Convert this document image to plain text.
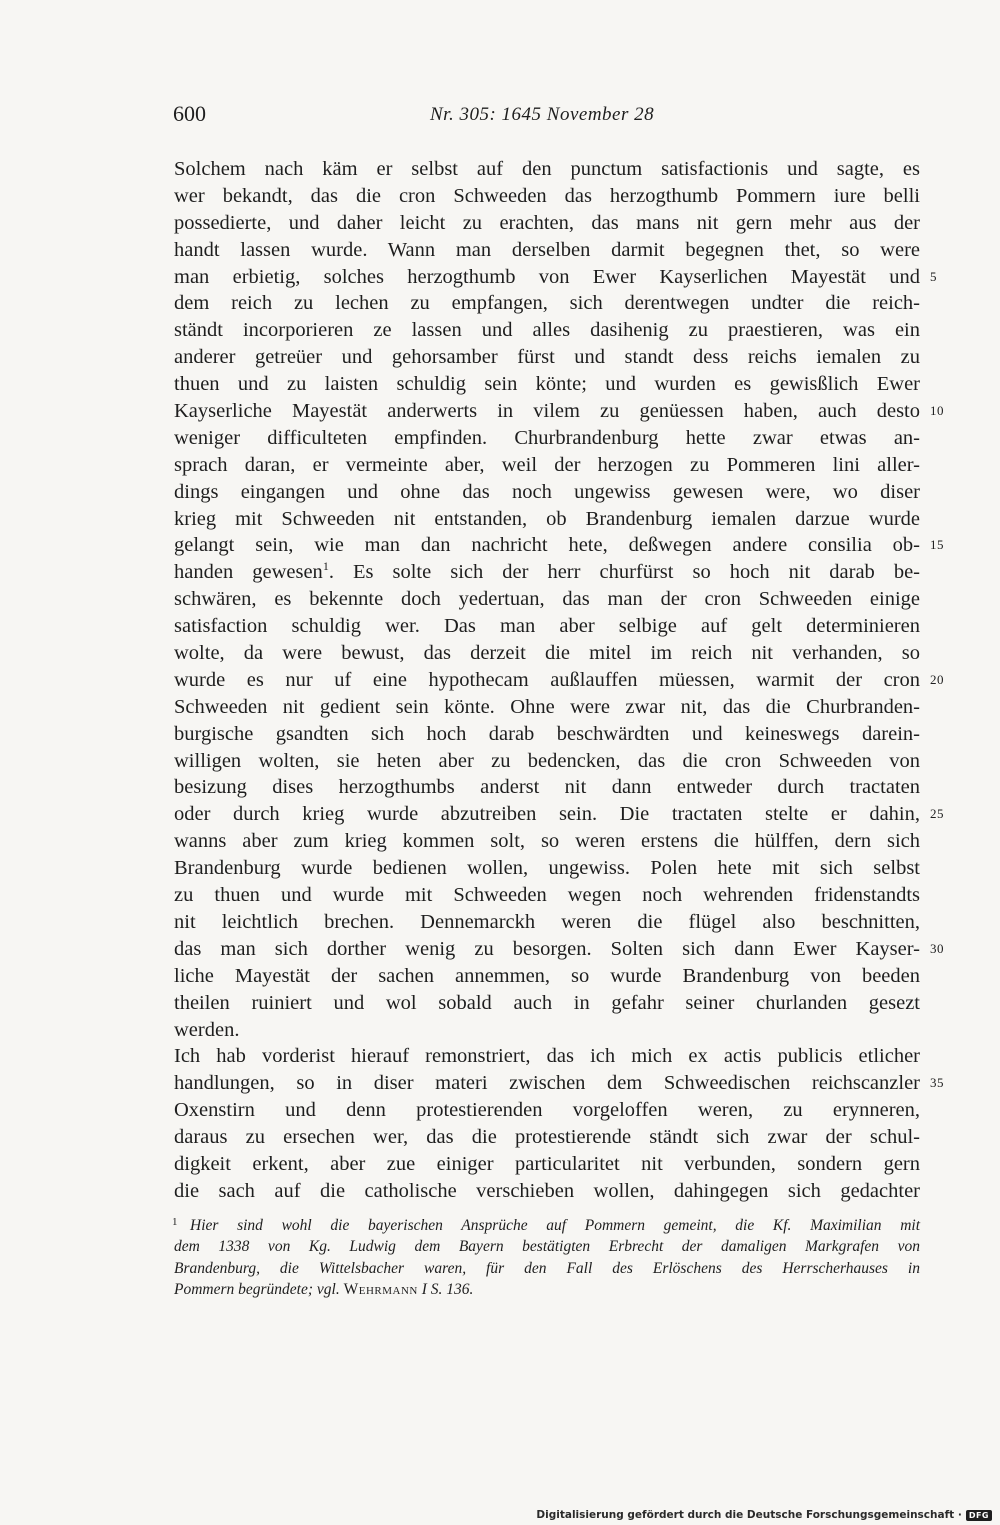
600	Nr. 305: 1645 November 28
Solchem nach käm er selbst auf den punctum satisfactionis und sagte, es
wer bekandt, das die cron Schweeden das herzogthumb Pommern iure belli
possedierte, und daher leicht zu erachten, das mans nit gern mehr aus der
handt lassen wurde. Wann man derselben darmit begegnen thet, so were
man erbietig, solches herzogthumb von Ewer Kayserlichen Mayestät und 5
dem reich zu lechen zu empfangen, sich derentwegen undter die reich-
ständt incorporieren ze lassen und alles dasihenig zu praestieren, was ein
anderer getreüer und gehorsamber fürst und standt dess reichs iemalen zu
thuen und zu laisten schuldig sein könte; und wurden es gewisßlich Ewer
Kayserliche Mayestät anderwerts in vilem zu genüessen haben, auch desto 10
weniger difficulteten empfinden. Churbrandenburg hette zwar etwas an-
sprach daran, er vermeinte aber, weil der herzogen zu Pommeren lini aller-
dings eingangen und ohne das noch ungewiss gewesen were, wo diser
krieg mit Schweeden nit entstanden, ob Brandenburg iemalen darzue wurde
gelangt sein, wie man dan nachricht hete, deßwegen andere consilia ob- 15
handen gewesen$^1$. Es solte sich der herr churfürst so hoch nit darab be-
schwären, es bekennte doch yedertuan, das man der cron Schweeden einige
satisfaction schuldig wer. Das man aber selbige auf gelt determinieren
wolte, da were bewust, das derzeit die mitel im reich nit verhanden, so
wurde es nur uf eine hypothecam außlauffen müessen, warmit der cron 20
Schweeden nit gedient sein könte. Ohne were zwar nit, das die Churbranden-
burgische gsandten sich hoch darab beschwärdten und keineswegs darein-
willigen wolten, sie heten aber zu bedencken, das die cron Schweeden von
besizung dises herzogthumbs anderst nit dann entweder durch tractaten
oder durch krieg wurde abzutreiben sein. Die tractaten stelte er dahin, 25
wanns aber zum krieg kommen solt, so weren erstens die hülffen, dern sich
Brandenburg wurde bedienen wollen, ungewiss. Polen hete mit sich selbst
zu thuen und wurde mit Schweeden wegen noch wehrenden fridenstandts
nit leichtlich brechen. Dennemarckh weren die flügel also beschnitten,
das man sich dorther wenig zu besorgen. Solten sich dann Ewer Kayser- 30
liche Mayestät der sachen annemmen, so wurde Brandenburg von beeden
theilen ruiniert und wol sobald auch in gefahr seiner churlanden gesezt
werden.
Ich hab vorderist hierauf remonstriert, das ich mich ex actis publicis etlicher
handlungen, so in diser materi zwischen dem Schweedischen reichscanzler 35
Oxenstirn und denn protestierenden vorgeloffen weren, zu erynneren,
daraus zu ersechen wer, das die protestierende ständt sich zwar der schul-
digkeit erkent, aber zue einiger particularitet nit verbunden, sondern gern
die sach auf die catholische verschieben wollen, dahingegen sich gedachter
1 Hier sind wohl die bayerischen Ansprüche auf Pommern gemeint, die Kf. Maximilian mit
dem 1338 von Kg. Ludwig dem Bayern bestätigten Erbrecht der damaligen Markgrafen von
Brandenburg, die Wittelsbacher waren, für den Fall des Erlöschens des Herrscherhauses in
Pommern begründete; vgl. Wehrmann I S. 136.
Digitalisierung gefördert durch die Deutsche Forschungsgemeinschaft · DFG
